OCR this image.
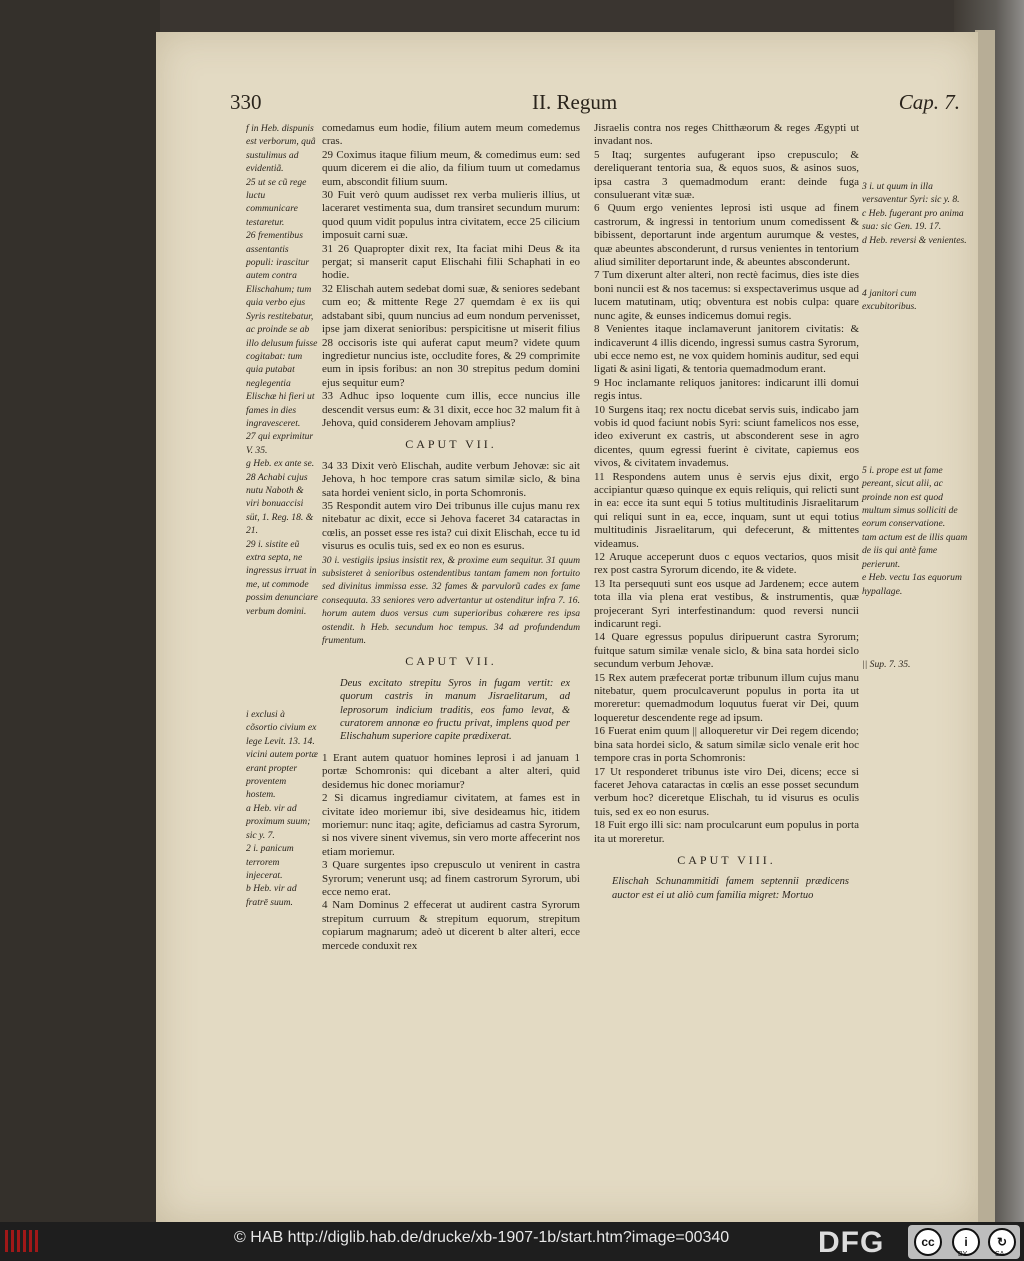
330	II. Regum	Cap. 7.

f in Heb. dispunis est verborum, quâ sustulimus ad evidentiã.

25 ut se cũ rege luctu communicare testaretur.

26 frementibus assentantis populi: irascitur autem contra Elischahum; tum quia verbo ejus Syris restitebatur, ac proinde se ab illo delusum fuisse cogitabat: tum quia putabat neglegentia Elischæ hi fieri ut fames in dies ingravesceret.

27 qui exprimitur V. 35.

g Heb. ex ante se.

28 Achabi cujus nutu Naboth & viri bonuaccisi süt, 1. Reg. 18. & 21.

29 i. sistite eũ extra septa, ne ingressus irruat in me, ut commode possim denunciare verbum domini.

i exclusi à cõsortio civium ex lege Levit. 13. 14. vicini autem portæ erant propter proventem hostem.

a Heb. vir ad proximum suum; sic y. 7.

2 i. panicum terrorem injecerat.

b Heb. vir ad fratrē suum.

comedamus eum hodie, filium autem meum comedemus cras.

29 Coximus itaque filium meum, & comedimus eum: sed quum dicerem ei die alio, da filium tuum ut comedamus eum, abscondit filium suum.

30 Fuit verò quum audisset rex verba mulieris illius, ut laceraret vestimenta sua, dum transiret secundum murum: quod quum vidit populus intra civitatem, ecce 25 cilicium imposuit carni suæ.

31 26 Quapropter dixit rex, Ita faciat mihi Deus & ita pergat; si manserit caput Elischahi filii Schaphati in eo hodie.

32 Elischah autem sedebat domi suæ, & seniores sedebant cum eo; & mittente Rege 27 quemdam è ex iis qui adstabant sibi, quum nuncius ad eum nondum pervenisset, ipse jam dixerat senioribus: perspicitisne ut miserit filius 28 occisoris iste qui auferat caput meum? videte quum ingredietur nuncius iste, occludite fores, & 29 comprimite eum in ipsis foribus: an non 30 strepitus pedum domini ejus sequitur eum?

33 Adhuc ipso loquente cum illis, ecce nuncius ille descendit versus eum: & 31 dixit, ecce hoc 32 malum fit à Jehova, quid considerem Jehovam amplius?

CAPUT VII.

34 33 Dixit verò Elischah, audite verbum Jehovæ: sic ait Jehova, h hoc tempore cras satum similæ siclo, & bina sata hordei venient siclo, in porta Schomronis.

35 Respondit autem viro Dei tribunus ille cujus manu rex nitebatur ac dixit, ecce si Jehova faceret 34 cataractas in cœlis, an posset esse res ista? cui dixit Elischah, ecce tu id visurus es oculis tuis, sed ex eo non es esurus.

30 i. vestigiis ipsius insistit rex, & proxime eum sequitur. 31 quum subsisteret à senioribus ostendentibus tantam famem non fortuito sed divinitus immissa esse. 32 fames & parvulorũ cades ex fame consequuta. 33 seniores vero advertantur ut ostenditur infra 7. 16. horum autem duos versus cum superioribus cohærere res ipsa ostendit. h Heb. secundum hoc tempus. 34 ad profundendum frumentum.

CAPUT VII.

Deus excitato strepitu Syros in fugam vertit: ex quorum castris in manum Jisraelitarum, ad leprosorum indicium traditis, eos famo levat, & curatorem annonæ eo fructu privat, implens quod per Elischahum superiore capite prædixerat.

1 Erant autem quatuor homines leprosi i ad januam 1 portæ Schomronis: qui dicebant a alter alteri, quid desidemus hic donec moriamur?

2 Si dicamus ingrediamur civitatem, at fames est in civitate ideo moriemur ibi, sive desideamus hic, itidem moriemur: nunc itaq; agite, deficiamus ad castra Syrorum, si nos vivere sinent vivemus, sin vero morte affecerint nos etiam moriemur.

3 Quare surgentes ipso crepusculo ut venirent in castra Syrorum; venerunt usq; ad finem castrorum Syrorum, ubi ecce nemo erat.

4 Nam Dominus 2 effecerat ut audirent castra Syrorum strepitum curruum & strepitum equorum, strepitum copiarum magnarum; adeò ut dicerent b alter alteri, ecce mercede conduxit rex

Jisraelis contra nos reges Chitthæorum & reges Ægypti ut invadant nos.

5 Itaq; surgentes aufugerant ipso crepusculo; & dereliquerant tentoria sua, & equos suos, & asinos suos, ipsa castra 3 quemadmodum erant: deinde fuga consuluerant vitæ suæ.

6 Quum ergo venientes leprosi isti usque ad finem castrorum, & ingressi in tentorium unum comedissent & bibissent, deportarunt inde argentum aurumque & vestes, quæ abeuntes absconderunt, d rursus venientes in tentorium aliud similiter deportarunt inde, & abeuntes absconderunt.

7 Tum dixerunt alter alteri, non rectè facimus, dies iste dies boni nuncii est & nos tacemus: si exspectaverimus usque ad lucem matutinam, utiq; obventura est nobis culpa: quare nunc agite, & eunses indicemus domui regis.

8 Venientes itaque inclamaverunt janitorem civitatis: & indicaverunt 4 illis dicendo, ingressi sumus castra Syrorum, ubi ecce nemo est, ne vox quidem hominis auditur, sed equi ligati & asini ligati, & tentoria quemadmodum erant.

9 Hoc inclamante reliquos janitores: indicarunt illi domui regis intus.

10 Surgens itaq; rex noctu dicebat servis suis, indicabo jam vobis id quod faciunt nobis Syri: sciunt famelicos nos esse, ideo exiverunt ex castris, ut absconderent sese in agro dicentes, quum egressi fuerint è civitate, capiemus eos vivos, & civitatem invademus.

11 Respondens autem unus è servis ejus dixit, ergo accipiantur quæso quinque ex equis reliquis, qui relicti sunt in ea: ecce ita sunt equi 5 totius multitudinis Jisraelitarum qui reliqui sunt in ea, ecce, inquam, sunt ut equi totius multitudinis Jisraelitarum, qui defecerunt, & mittentes videamus.

12 Aruque acceperunt duos c equos vectarios, quos misit rex post castra Syrorum dicendo, ite & videte.

13 Ita persequuti sunt eos usque ad Jardenem; ecce autem tota illa via plena erat vestibus, & instrumentis, quæ projecerant Syri interfestinandum: quod reversi nuncii indicarunt regi.

14 Quare egressus populus diripuerunt castra Syrorum; fuitque satum similæ venale siclo, & bina sata hordei siclo secundum verbum Jehovæ.

15 Rex autem præfecerat portæ tribunum illum cujus manu nitebatur, quem proculcaverunt populus in porta ita ut moreretur: quemadmodum loquutus fuerat vir Dei, quum loqueretur descendente rege ad ipsum.

16 Fuerat enim quum || alloqueretur vir Dei regem dicendo; bina sata hordei siclo, & satum similæ siclo venale erit hoc tempore cras in porta Schomronis:

17 Ut responderet tribunus iste viro Dei, dicens; ecce si faceret Jehova cataractas in cœlis an esse posset secundum verbum hoc? diceretque Elischah, tu id visurus es oculis tuis, sed ex eo non esurus.

18 Fuit ergo illi sic: nam proculcarunt eum populus in porta ita ut moreretur.

CAPUT VIII.

Elischah Schunammitidi famem septennii prædicens auctor est ei ut aliò cum familia migret: Mortuo

3 i. ut quum in illa versaventur Syri: sic y. 8.

c Heb. fugerant pro anima sua: sic Gen. 19. 17.

d Heb. reversi & venientes.

4 janitori cum excubitoribus.

5 i. prope est ut fame pereant, sicut alii, ac proinde non est quod multum simus solliciti de eorum conservatione.

tam actum est de illis quam de iis qui antè fame perierunt.

e Heb. vectu 1as equorum hypallage.

|| Sup. 7. 35.

© HAB http://diglib.hab.de/drucke/xb-1907-1b/start.htm?image=00340	DFG	cc	i	↻
BY	SA
